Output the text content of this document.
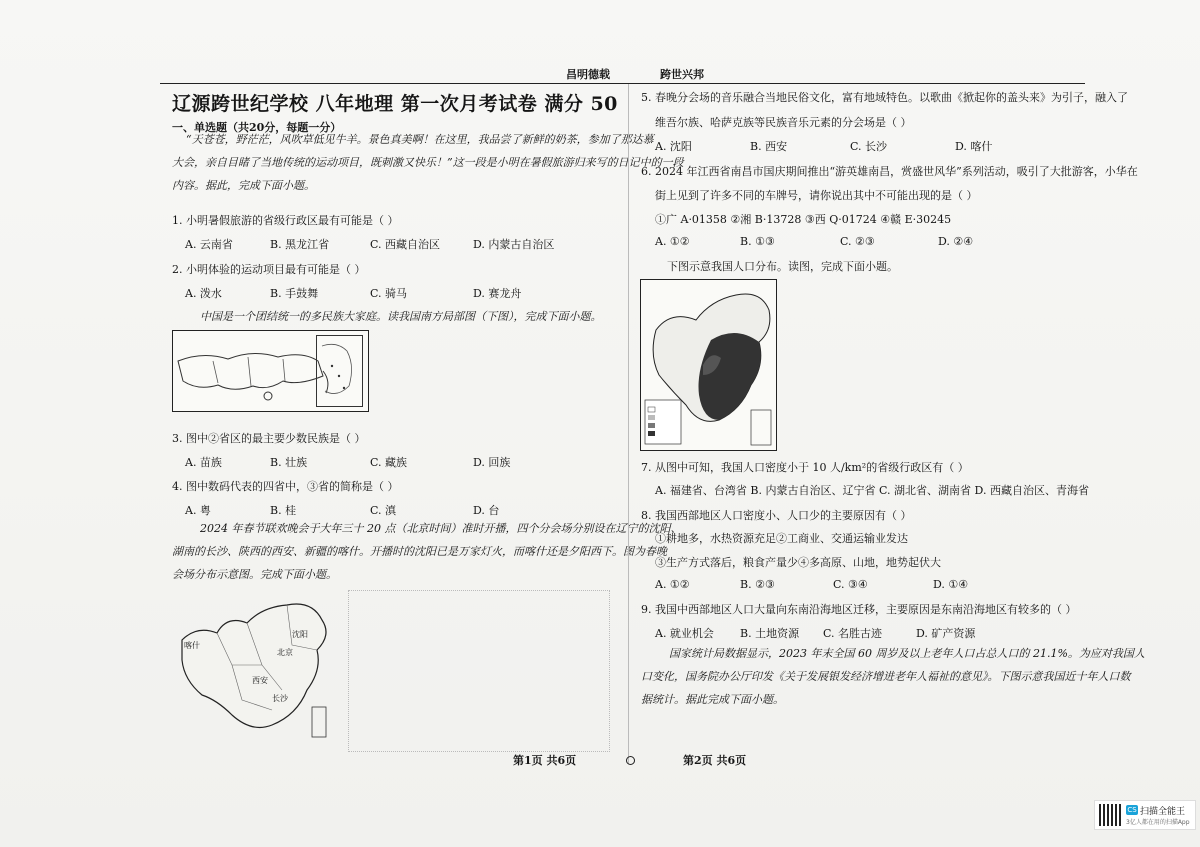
昌明德载	跨世兴邦
辽源跨世纪学校 八年地理 第一次月考试卷 满分 50
一、单选题（共20分，每题一分）
“天苍苍，野茫茫，风吹草低见牛羊。景色真美啊！在这里，我品尝了新鲜的奶茶，参加了那达慕
大会，亲自目睹了当地传统的运动项目，既刺激又快乐！”这一段是小明在暑假旅游归来写的日记中的一段
内容。据此，完成下面小题。
1. 小明暑假旅游的省级行政区最有可能是（ ）
A. 云南省	B. 黑龙江省	C. 西藏自治区	D. 内蒙古自治区
2. 小明体验的运动项目最有可能是（ ）
A. 泼水	B. 手鼓舞	C. 骑马	D. 赛龙舟
中国是一个团结统一的多民族大家庭。读我国南方局部图（下图），完成下面小题。
3. 图中②省区的最主要少数民族是（ ）
A. 苗族	B. 壮族	C. 藏族	D. 回族
4. 图中数码代表的四省中，③省的简称是（ ）
A. 粤	B. 桂	C. 滇	D. 台
2024 年春节联欢晚会于大年三十 20 点（北京时间）准时开播，四个分会场分别设在辽宁的沈阳、
湖南的长沙、陕西的西安、新疆的喀什。开播时的沈阳已是万家灯火，而喀什还是夕阳西下。图为春晚
会场分布示意图。完成下面小题。
喀什
沈阳
北京
西安
长沙
5. 春晚分会场的音乐融合当地民俗文化，富有地域特色。以歌曲《掀起你的盖头来》为引子，融入了
维吾尔族、哈萨克族等民族音乐元素的分会场是（ ）
A. 沈阳	B. 西安	C. 长沙	D. 喀什
6. 2024 年江西省南昌市国庆期间推出“游英雄南昌，赏盛世风华”系列活动，吸引了大批游客，小华在
街上见到了许多不同的车牌号，请你说出其中不可能出现的是（ ）
①广 A·01358 ②湘 B·13728 ③西 Q·01724 ④赣 E·30245
A. ①②	B. ①③	C. ②③	D. ②④
下图示意我国人口分布。读图，完成下面小题。
7. 从图中可知，我国人口密度小于 10 人/km²的省级行政区有（ ）
A. 福建省、台湾省 B. 内蒙古自治区、辽宁省 C. 湖北省、湖南省 D. 西藏自治区、青海省
8. 我国西部地区人口密度小、人口少的主要原因有（ ）
①耕地多，水热资源充足②工商业、交通运输业发达
③生产方式落后，粮食产量少④多高原、山地，地势起伏大
A. ①②	B. ②③	C. ③④	D. ①④
9. 我国中西部地区人口大量向东南沿海地区迁移，主要原因是东南沿海地区有较多的（ ）
A. 就业机会 B. 土地资源 C. 名胜古迹	D. 矿产资源
国家统计局数据显示，2023 年末全国 60 周岁及以上老年人口占总人口的 21.1%。为应对我国人
口变化，国务院办公厅印发《关于发展银发经济增进老年人福祉的意见》。下图示意我国近十年人口数
据统计。据此完成下面小题。
第1页 共6页	第2页 共6页
CS 扫描全能王
3亿人都在用的扫描App
